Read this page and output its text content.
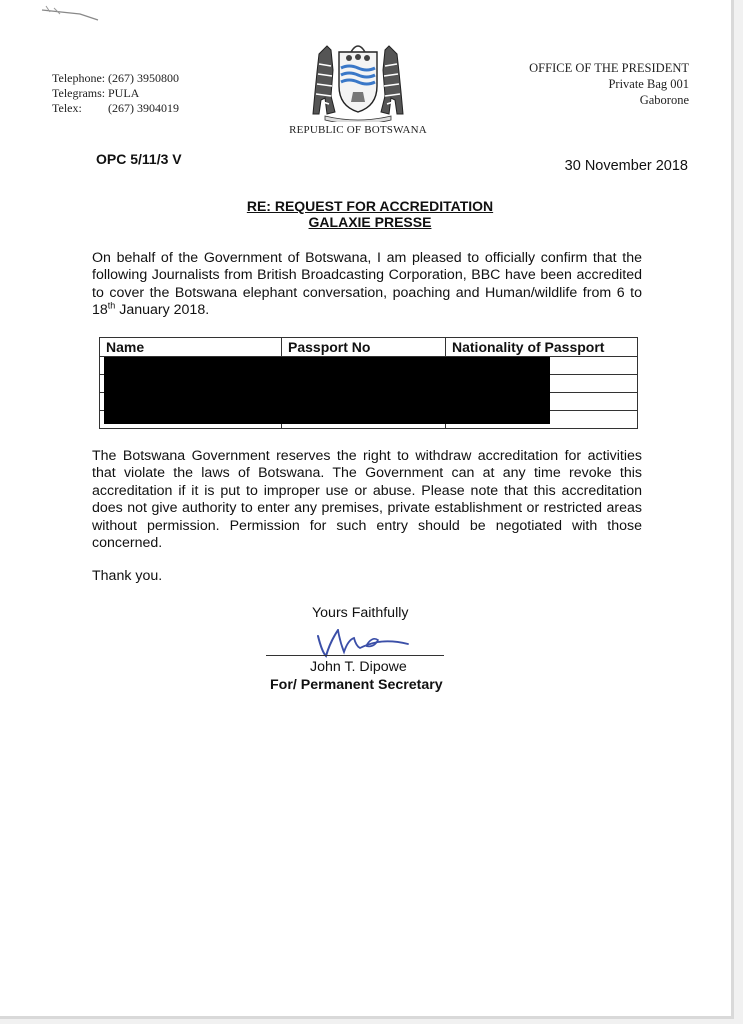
Telephone: (267) 3950800
Telegrams: PULA
Telex: (267) 3904019
REPUBLIC OF BOTSWANA
OFFICE OF THE PRESIDENT
Private Bag 001
Gaborone
OPC 5/11/3 V	30 November 2018
RE: REQUEST FOR ACCREDITATION
GALAXIE PRESSE
On behalf of the Government of Botswana, I am pleased to officially confirm that the following Journalists from British Broadcasting Corporation, BBC have been accredited to cover the Botswana elephant conversation, poaching and Human/wildlife from 6 to 18th January 2018.
Name	Passport No	Nationality of Passport

The Botswana Government reserves the right to withdraw accreditation for activities that violate the laws of Botswana. The Government can at any time revoke this accreditation if it is put to improper use or abuse. Please note that this accreditation does not give authority to enter any premises, private establishment or restricted areas without permission. Permission for such entry should be negotiated with those concerned.
Thank you.
Yours Faithfully
John T. Dipowe
For/ Permanent Secretary
